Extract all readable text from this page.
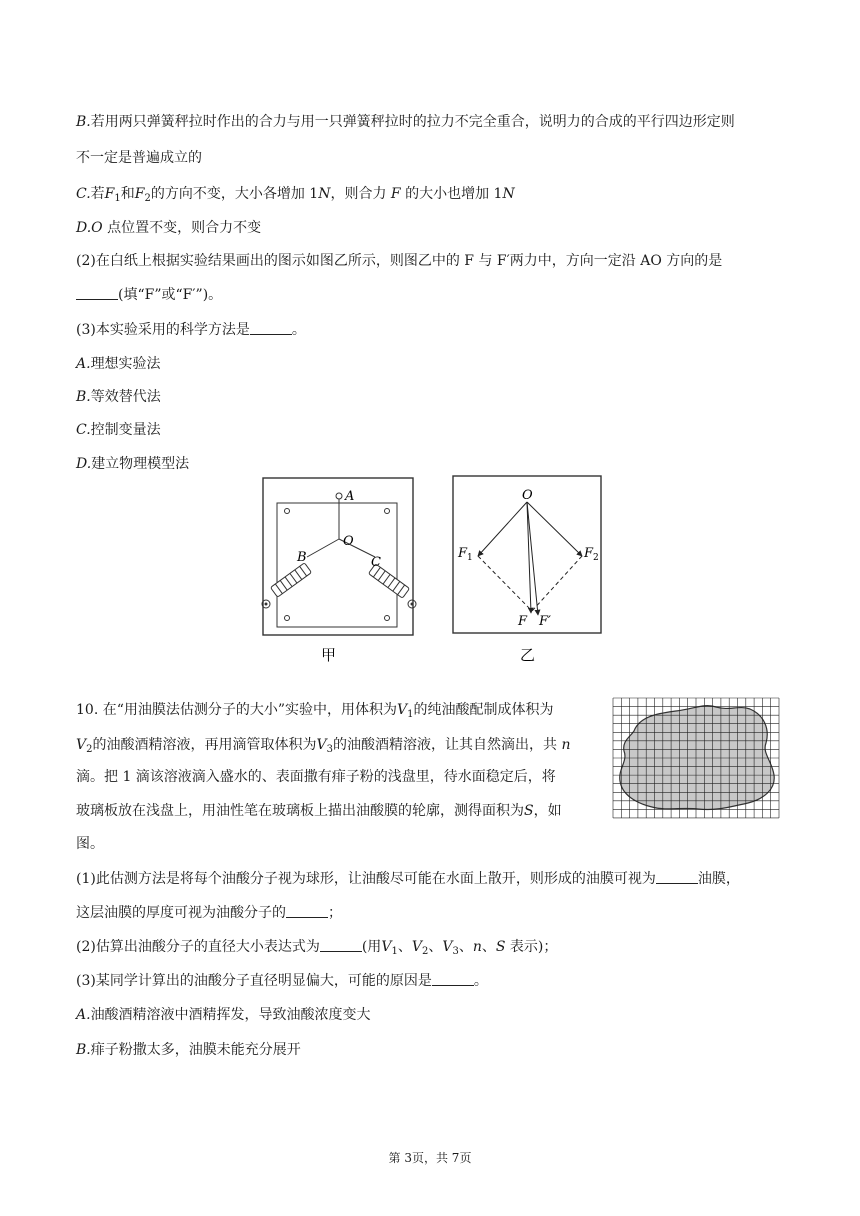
B.若用两只弹簧秤拉时作出的合力与用一只弹簧秤拉时的拉力不完全重合，说明力的合成的平行四边形定则
不一定是普遍成立的
C.若$F_1$和$F_2$的方向不变，大小各增加 1N，则合力 F 的大小也增加 1N
D.O 点位置不变，则合力不变
(2)在白纸上根据实验结果画出的图示如图乙所示，则图乙中的 F 与 F′两力中，方向一定沿 AO 方向的是
(填“F”或“F′”)。
(3)本实验采用的科学方法是	。
A.理想实验法
B.等效替代法
C.控制变量法
D.建立物理模型法
A
O
B	C
甲
O
$F_1$	$F_2$
F F′
乙
10. 在“用油膜法估测分子的大小”实验中，用体积为$V_1$的纯油酸配制成体积为
$V_2$的油酸酒精溶液，再用滴管取体积为$V_3$的油酸酒精溶液，让其自然滴出，共 n
滴。把 1 滴该溶液滴入盛水的、表面撒有痱子粉的浅盘里，待水面稳定后，将
玻璃板放在浅盘上，用油性笔在玻璃板上描出油酸膜的轮廓，测得面积为S，如
图。
(1)此估测方法是将每个油酸分子视为球形，让油酸尽可能在水面上散开，则形成的油膜可视为	油膜，
这层油膜的厚度可视为油酸分子的	；
(2)估算出油酸分子的直径大小表达式为	(用$V_1$、$V_2$、$V_3$、n、S 表示)；
(3)某同学计算出的油酸分子直径明显偏大，可能的原因是	。
A.油酸酒精溶液中酒精挥发，导致油酸浓度变大
B.痱子粉撒太多，油膜未能充分展开
第 3页，共 7页
